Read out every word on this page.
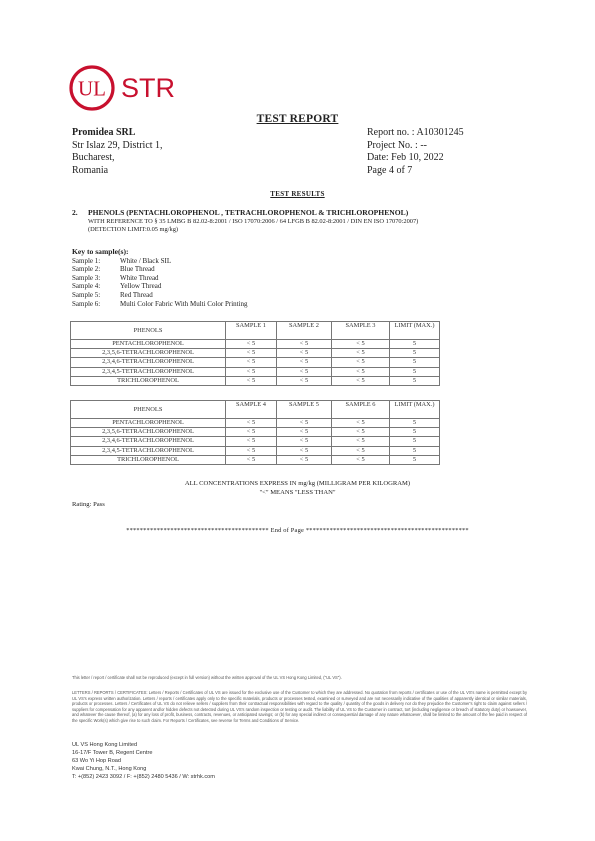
UL STR
TEST REPORT
Promidea SRL
Str Islaz 29, District 1,
Bucharest,
Romania
Report no. : A10301245
Project No. : --
Date: Feb 10, 2022
Page 4 of 7
TEST RESULTS
2. PHENOLS (PENTACHLOROPHENOL , TETRACHLOROPHENOL & TRICHLOROPHENOL)
WITH REFERENCE TO § 35 LMBG B 82.02-8:2001 / ISO 17070:2006 / 64 LFGB B 82.02-8:2001 / DIN EN ISO 17070:2007)
(DETECTION LIMIT:0.05 mg/kg)
Key to sample(s):
Sample 1:	White / Black SIL
Sample 2:	Blue Thread
Sample 3:	White Thread
Sample 4:	Yellow Thread
Sample 5:	Red Thread
Sample 6:	Multi Color Fabric With Multi Color Printing
PHENOLS	SAMPLE 1	SAMPLE 2	SAMPLE 3	LIMIT (MAX.)
PENTACHLOROPHENOL	< 5	< 5	< 5	5
2,3,5,6-TETRACHLOROPHENOL	< 5	< 5	< 5	5
2,3,4,6-TETRACHLOROPHENOL	< 5	< 5	< 5	5
2,3,4,5-TETRACHLOROPHENOL	< 5	< 5	< 5	5
TRICHLOROPHENOL	< 5	< 5	< 5	5
PHENOLS	SAMPLE 4	SAMPLE 5	SAMPLE 6	LIMIT (MAX.)
PENTACHLOROPHENOL	< 5	< 5	< 5	5
2,3,5,6-TETRACHLOROPHENOL	< 5	< 5	< 5	5
2,3,4,6-TETRACHLOROPHENOL	< 5	< 5	< 5	5
2,3,4,5-TETRACHLOROPHENOL	< 5	< 5	< 5	5
TRICHLOROPHENOL	< 5	< 5	< 5	5
ALL CONCENTRATIONS EXPRESS IN mg/kg (MILLIGRAM PER KILOGRAM)
"<" MEANS "LESS THAN"
Rating: Pass
****************************************** End of Page ************************************************
This letter / report / certificate shall not be reproduced (except in full version) without the written approval of the UL VS Hong Kong Limited, ("UL VS").
LETTERS / REPORTS / CERTIFICATES: Letters / Reports / Certificates of UL VS are issued for the exclusive use of the Customer to which they are addressed. No quotation from reports / certificates or use of the UL VS's name is permitted except by UL VS's express written authorization. Letters / reports / certificates apply only to the specific materials, products or processes tested, examined or surveyed and are not necessarily indicative of the qualities of apparently identical or similar materials, products or processes. Letters / Certificates of UL VS do not relieve sellers / suppliers from their contractual responsibilities with regard to the quality / quantity of the goods in delivery nor do they prejudice the Customer's right to claim against sellers / suppliers for compensation for any apparent and/or hidden defects not detected during UL VS's random inspection or testing or audit. The liability of UL VS to the Customer in contract, tort (including negligence or breach of statutory duty) or howsoever, and whatever the cause thereof, (a) for any loss of profit, business, contracts, revenues, or anticipated savings; or (b) for any special indirect or consequential damage of any nature whatsoever, shall be limited to the amount of the fee paid in respect of the specific Work(s) which give rise to such claim. For Reports / Certificates, see reverse for Terms and Conditions of Service.
UL VS Hong Kong Limited
16-17/F Tower B, Regent Centre
63 Wo Yi Hop Road
Kwai Chung, N.T., Hong Kong
T: +(852) 2423 3092 / F: +(852) 2480 5436 / W: strhk.com
